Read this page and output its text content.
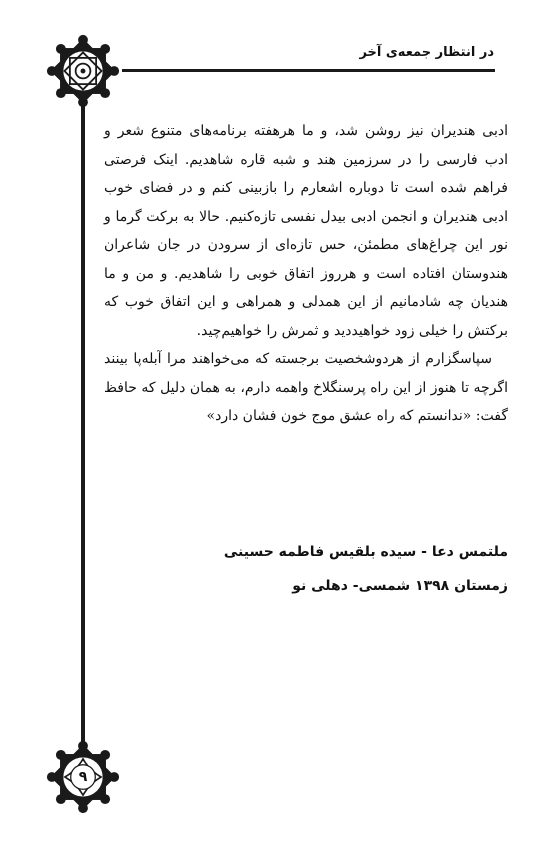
در انتظار جمعه‌ی آخر

ادبی هندیران نیز روشن شد، و ما هرهفته برنامه‌های متنوع شعر و ادب فارسی را در سرزمین هند و شبه قاره شاهدیم. اینک فرصتی فراهم شده است تا دوباره اشعارم را بازبینی کنم و در فضای خوب ادبی هندیران و انجمن ادبی بیدل نفسی تازه‌کنیم. حالا به برکت گرما و نور این چراغ‌های مطمئن، حس تازه‌ای از سرودن در جان شاعران هندوستان افتاده است و هرروز اتفاق خوبی را شاهدیم. و من و ما هندیان چه شادمانیم از این همدلی و همراهی و این اتفاق خوب که برکتش را خیلی زود خواهیددید و ثمرش را خواهیم‌چید.

سپاسگزارم از هردوشخصیت برجسته که می‌خواهند مرا آبله‌پا بینند اگرچه تا هنوز از این راه پرسنگلاخ واهمه دارم، به همان دلیل که حافظ گفت: «ندانستم که راه عشق موج خون فشان دارد»

ملتمس دعا - سیده بلقیس فاطمه حسینی
زمستان ۱۳۹۸ شمسی- دهلی نو
۹
